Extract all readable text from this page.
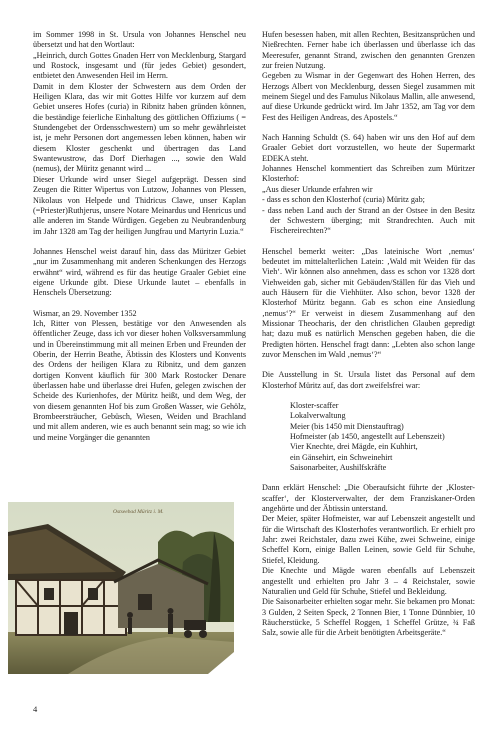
im Sommer 1998 in St. Ursula von Johannes Henschel neu übersetzt und hat den Wortlaut:

„Heinrich, durch Gottes Gnaden Herr von Mecklenburg, Stargard und Rostock, insgesamt und (für jedes Gebiet) gesondert, entbietet den Anwesenden Heil im Herrn.

Damit in dem Kloster der Schwestern aus dem Orden der Heiligen Klara, das wir mit Gottes Hilfe vor kurzem auf dem Gebiet unseres Hofes (curia) in Ribnitz haben gründen können, die beständige feierliche Einhaltung des göttlichen Offiziums ( = Stundengebet der Ordensschwestern) um so mehr gewährleistet ist, je mehr Personen dort angemessen leben können, haben wir diesem Kloster geschenkt und übertragen das Land Swantewustrow, das Dorf Dierhagen ..., sowie den Wald (nemus), der Müritz genannt wird ...

Dieser Urkunde wird unser Siegel aufgeprägt. Dessen sind Zeugen die Ritter Wipertus von Lutzow, Johannes von Plessen, Nikolaus von Helpede und Thidricus Clawe, unser Kaplan (=Priester)Ruthjerus, unsere Notare Meinardus und Henricus und alle anderen im Stande Würdigen. Gegeben zu Neubrandenburg im Jahr 1328 am Tag der heiligen Jungfrau und Martyrin Luzia.“

Johannes Henschel weist darauf hin, dass das Müritzer Gebiet „nur im Zusammenhang mit anderen Schenkungen des Herzogs erwähnt“ wird, während es für das heutige Graaler Gebiet eine eigene Urkunde gibt. Diese Urkunde lautet – ebenfalls in Henschels Übersetzung:

Wismar, an 29. November 1352

Ich, Ritter von Plessen, bestätige vor den Anwesenden als öffentlicher Zeuge, dass ich vor dieser hohen Volksversammlung und in Übereinstimmung mit all meinen Erben und Freunden der Oberin, der Herrin Beathe, Äbtissin des Klosters und Konvents des Ordens der heiligen Klara zu Ribnitz, und dem ganzen dortigen Konvent käuflich für 300 Mark Rostocker Denare überlassen habe und überlasse drei Hufen, gelegen zwischen der Scheide des Kurienhofes, der Müritz heißt, und dem Weg, der von diesem genannten Hof bis zum Großen Wasser, wie Gehölz, Brombeersträucher, Gebüsch, Wiesen, Weiden und Brachland und mit allem anderen, wie es auch benannt sein mag; so wie ich und meine Vorgänger die genannten

Hufen besessen haben, mit allen Rechten, Besitzansprüchen und Nießrechten. Ferner habe ich überlassen und überlasse ich das Meeresufer, genannt Strand, zwischen den genannten Grenzen zur freien Nutzung.

Gegeben zu Wismar in der Gegenwart des Hohen Herren, des Herzogs Albert von Mecklenburg, dessen Siegel zusammen mit meinem Siegel und des Famulus Nikolaus Mallin, alle anwesend, auf diese Urkunde gedrückt wird. Im Jahr 1352, am Tag vor dem Fest des Heiligen Andreas, des Apostels.“

Nach Hanning Schuldt (S. 64) haben wir uns den Hof auf dem Graaler Gebiet dort vorzustellen, wo heute der Supermarkt EDEKA steht.

Johannes Henschel kommentiert das Schreiben zum Müritzer Klosterhof:

„Aus dieser Urkunde erfahren wir

- dass es schon den Klosterhof (curia) Müritz gab;

- dass neben Land auch der Strand an der Ostsee in den Besitz der Schwestern überging; mit Strandrechten. Auch mit Fischereirechten?“

Henschel bemerkt weiter: „Das lateinische Wort ‚nemus‘ bedeutet im mittelalterlichen Latein: ‚Wald mit Weiden für das Vieh‘. Wir können also annehmen, dass es schon vor 1328 dort Viehweiden gab, sicher mit Gebäuden/Ställen für das Vieh und auch Häusern für die Viehhüter. Also schon, bevor 1328 der Klosterhof Müritz begann. Gab es schon eine Ansiedlung ‚nemus‘?“ Er verweist in diesem Zusammenhang auf den Missionar Theocharis, der den christlichen Glauben gepredigt hat; dazu muß es natürlich Menschen gegeben haben, die die Predigten hörten. Henschel fragt dann: „Lebten also schon lange zuvor Menschen im Wald ‚nemus‘?“

Die Ausstellung in St. Ursula listet das Personal auf dem Klosterhof Müritz auf, das dort zweifelsfrei war:

Kloster-scaffer

Lokalverwaltung

Meier (bis 1450 mit Dienstauftrag)

Hofmeister (ab 1450, angestellt auf Lebenszeit)

Vier Knechte, drei Mägde, ein Kuhhirt,

ein Gänsehirt, ein Schweinehirt

Saisonarbeiter, Aushilfskräfte

Dann erklärt Henschel: „Die Oberaufsicht führte der ‚Kloster-scaffer‘, der Klosterverwalter, der dem Franziskaner-Orden angehörte und der Äbtissin unterstand.

Der Meier, später Hofmeister, war auf Lebenszeit angestellt und für die Wirtschaft des Klosterhofes verantwortlich. Er erhielt pro Jahr: zwei Reichstaler, dazu zwei Kühe, zwei Schweine, einige Scheffel Korn, einige Ballen Leinen, sowie Geld für Schuhe, Stiefel, Kleidung.

Die Knechte und Mägde waren ebenfalls auf Lebenszeit angestellt und erhielten pro Jahr 3 – 4 Reichstaler, sowie Naturalien und Geld für Schuhe, Stiefel und Bekleidung.

Die Saisonarbeiter erhielten sogar mehr. Sie bekamen pro Monat: 3 Gulden, 2 Seiten Speck, 2 Tonnen Bier, 1 Tonne Dünnbier, 10 Räucherstücke, 5 Scheffel Roggen, 1 Scheffel Grütze, ¾ Faß Salz, sowie alle für die Arbeit benötigten Arbeitsgeräte.“

Ostseebad Müritz i. M.
4
